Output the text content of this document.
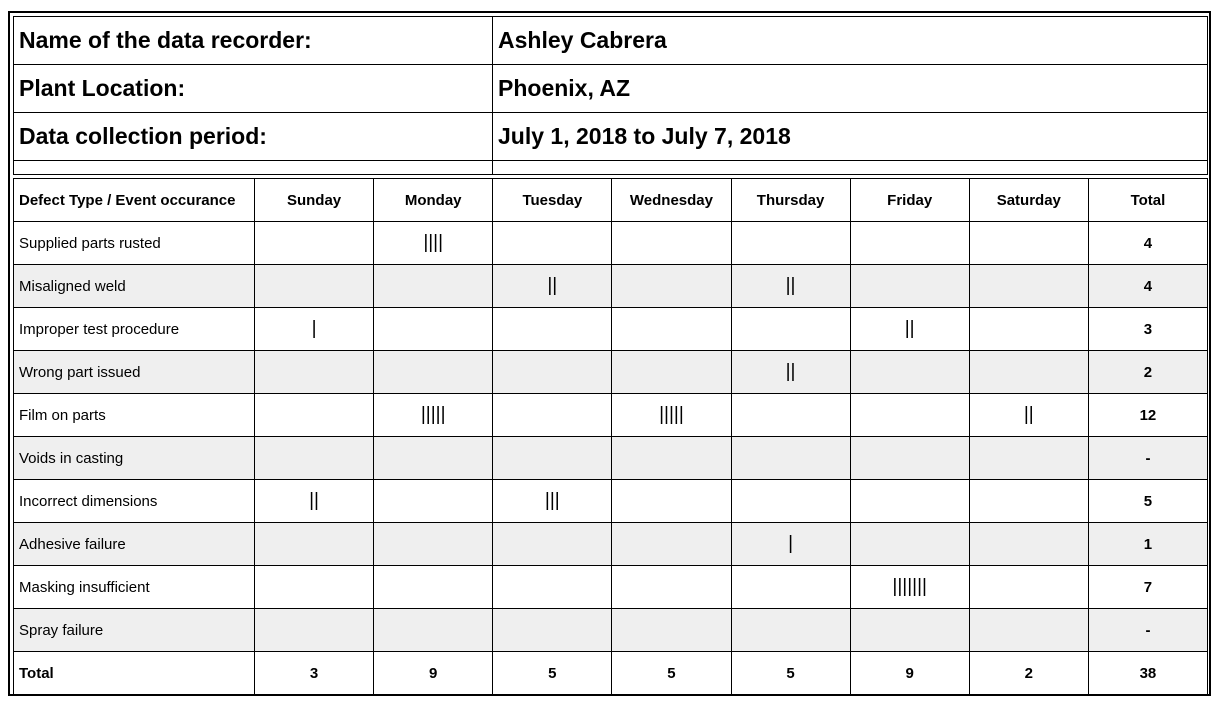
Name of the data recorder:	Ashley Cabrera
Plant Location:	Phoenix, AZ
Data collection period:	July 1, 2018 to July 7, 2018

Defect Type / Event occurance	Sunday	Monday	Tuesday	Wednesday	Thursday	Friday	Saturday	Total
Supplied parts rusted		||||						4
Misaligned weld			||		||			4
Improper test procedure	|					||		3
Wrong part issued					||			2
Film on parts		|||||		|||||			||	12
Voids in casting								-
Incorrect dimensions	||		|||					5
Adhesive failure					|			1
Masking insufficient						|||||||		7
Spray failure								-
Total	3	9	5	5	5	9	2	38
